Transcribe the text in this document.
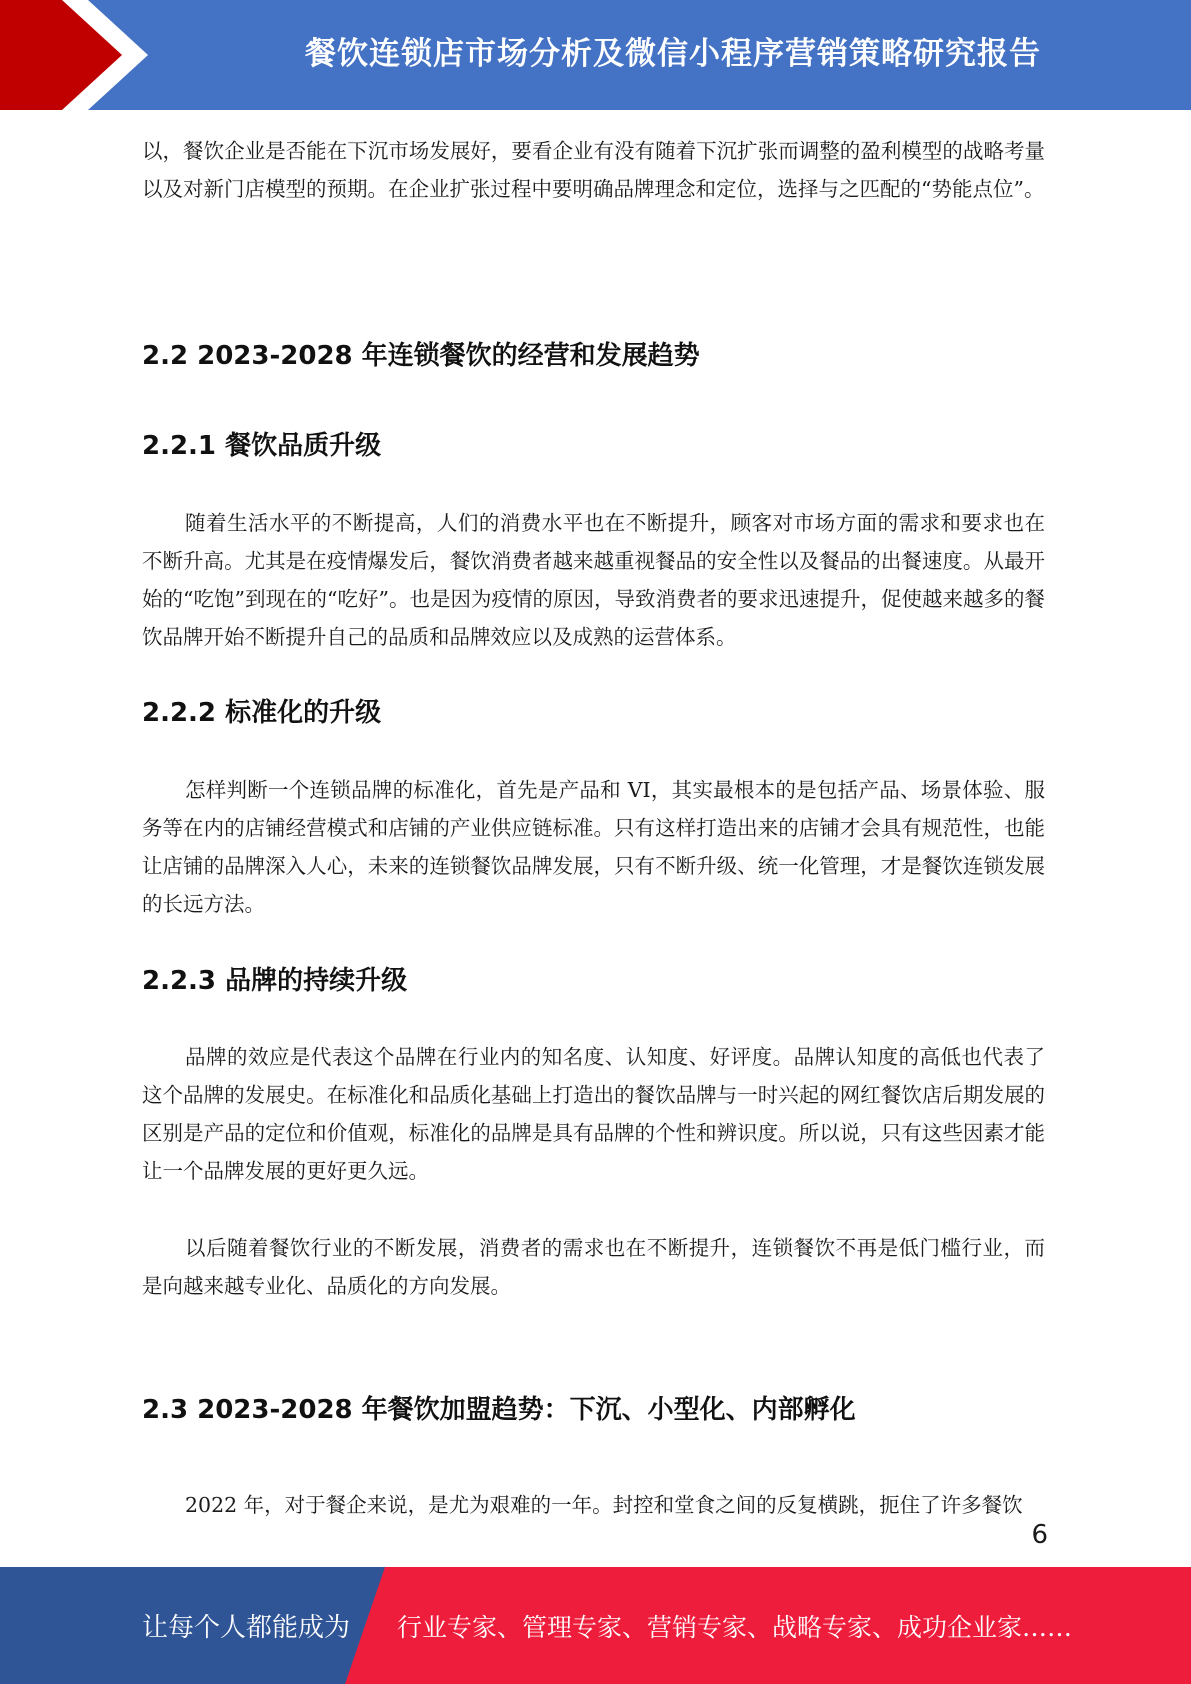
餐饮连锁店市场分析及微信小程序营销策略研究报告

以，餐饮企业是否能在下沉市场发展好，要看企业有没有随着下沉扩张而调整的盈利模型的战略考量以及对新门店模型的预期。在企业扩张过程中要明确品牌理念和定位，选择与之匹配的“势能点位”。

2.2 2023-2028 年连锁餐饮的经营和发展趋势
2.2.1 餐饮品质升级

随着生活水平的不断提高，人们的消费水平也在不断提升，顾客对市场方面的需求和要求也在不断升高。尤其是在疫情爆发后，餐饮消费者越来越重视餐品的安全性以及餐品的出餐速度。从最开始的“吃饱”到现在的“吃好”。也是因为疫情的原因，导致消费者的要求迅速提升，促使越来越多的餐饮品牌开始不断提升自己的品质和品牌效应以及成熟的运营体系。

2.2.2 标准化的升级

怎样判断一个连锁品牌的标准化，首先是产品和 VI，其实最根本的是包括产品、场景体验、服务等在内的店铺经营模式和店铺的产业供应链标准。只有这样打造出来的店铺才会具有规范性，也能让店铺的品牌深入人心，未来的连锁餐饮品牌发展，只有不断升级、统一化管理，才是餐饮连锁发展的长远方法。

2.2.3 品牌的持续升级

品牌的效应是代表这个品牌在行业内的知名度、认知度、好评度。品牌认知度的高低也代表了这个品牌的发展史。在标准化和品质化基础上打造出的餐饮品牌与一时兴起的网红餐饮店后期发展的区别是产品的定位和价值观，标准化的品牌是具有品牌的个性和辨识度。所以说，只有这些因素才能让一个品牌发展的更好更久远。

以后随着餐饮行业的不断发展，消费者的需求也在不断提升，连锁餐饮不再是低门槛行业，而是向越来越专业化、品质化的方向发展。

2.3 2023-2028 年餐饮加盟趋势：下沉、小型化、内部孵化

2022 年，对于餐企来说，是尤为艰难的一年。封控和堂食之间的反复横跳，扼住了许多餐饮

6
让每个人都能成为 行业专家、管理专家、营销专家、战略专家、成功企业家……
